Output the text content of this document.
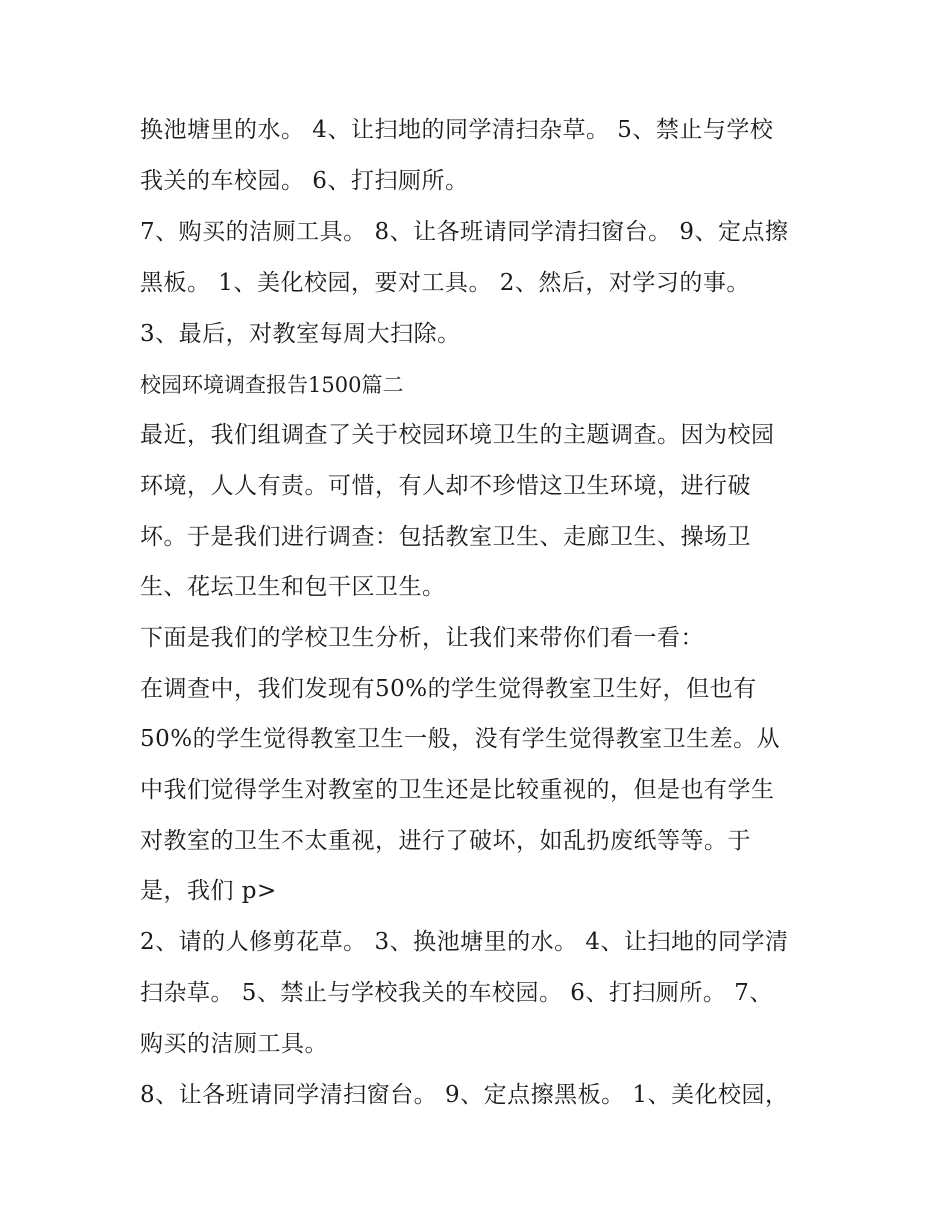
换池塘里的水。 4、让扫地的同学清扫杂草。 5、禁止与学校
我关的车校园。 6、打扫厕所。
7、购买的洁厕工具。 8、让各班请同学清扫窗台。 9、定点擦
黑板。 1、美化校园，要对工具。 2、然后，对学习的事。
3、最后，对教室每周大扫除。
校园环境调查报告1500篇二
最近，我们组调查了关于校园环境卫生的主题调查。因为校园
环境，人人有责。可惜，有人却不珍惜这卫生环境，进行破
坏。于是我们进行调查：包括教室卫生、走廊卫生、操场卫
生、花坛卫生和包干区卫生。
下面是我们的学校卫生分析，让我们来带你们看一看：
在调查中，我们发现有50%的学生觉得教室卫生好，但也有
50%的学生觉得教室卫生一般，没有学生觉得教室卫生差。从
中我们觉得学生对教室的卫生还是比较重视的，但是也有学生
对教室的卫生不太重视，进行了破坏，如乱扔废纸等等。于
是，我们 p>
2、请的人修剪花草。 3、换池塘里的水。 4、让扫地的同学清
扫杂草。 5、禁止与学校我关的车校园。 6、打扫厕所。 7、
购买的洁厕工具。
8、让各班请同学清扫窗台。 9、定点擦黑板。 1、美化校园，
